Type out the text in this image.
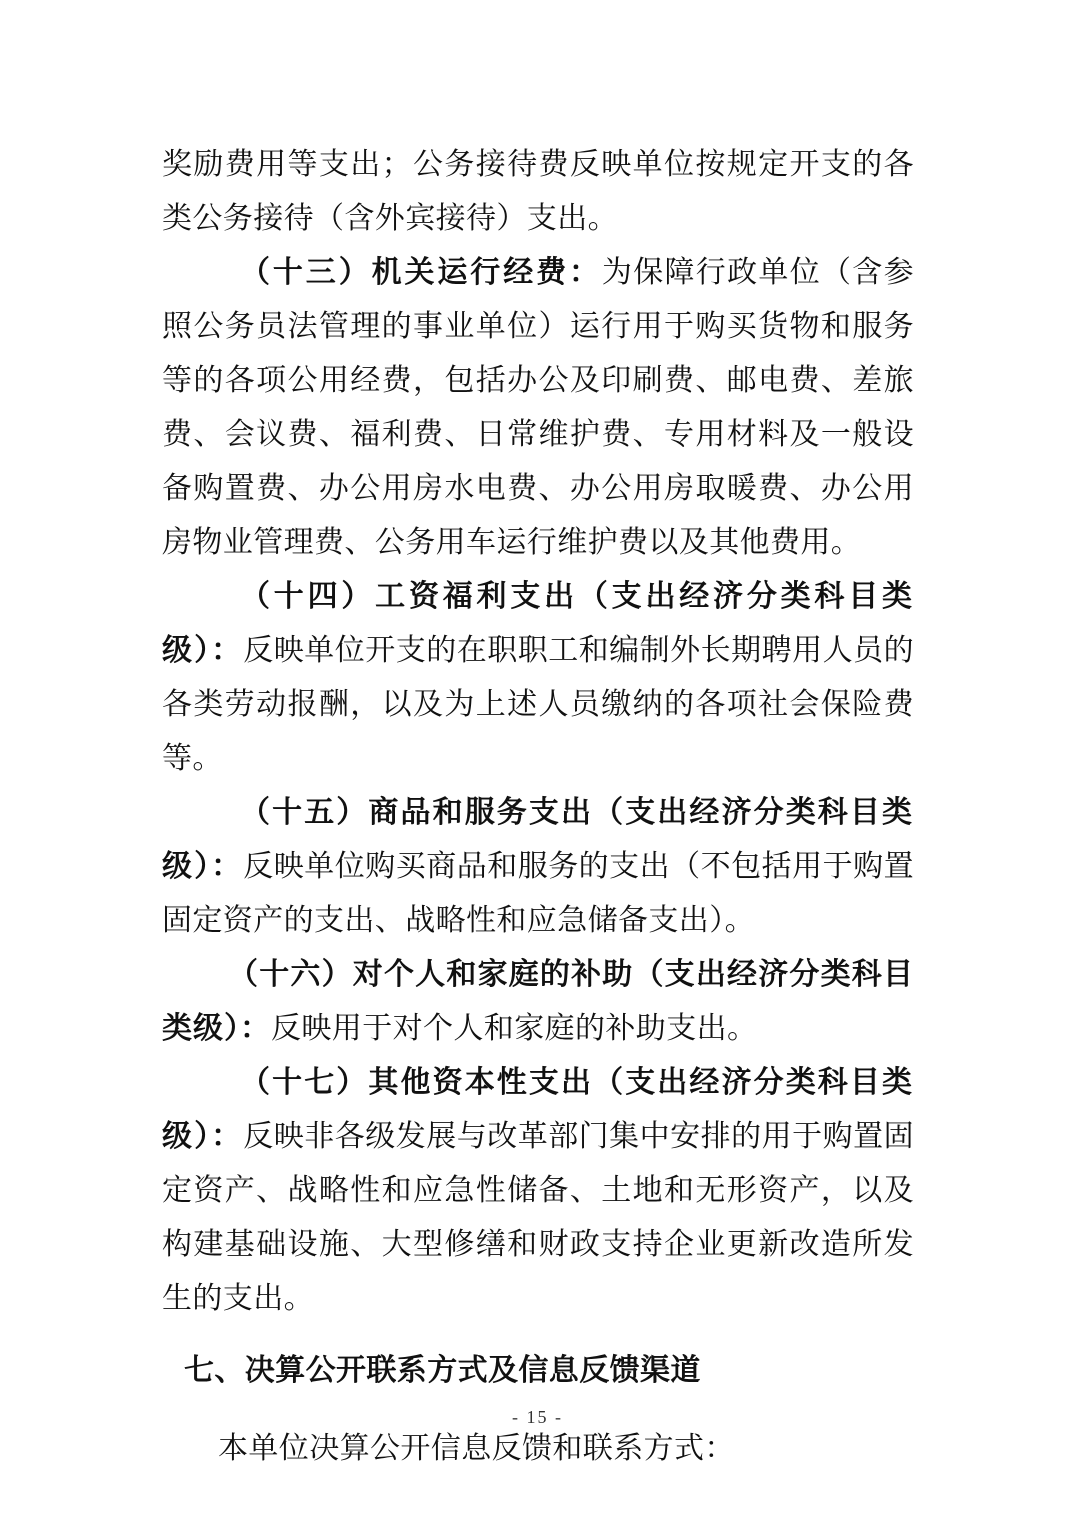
奖励费用等支出；公务接待费反映单位按规定开支的各类公务接待（含外宾接待）支出。

（十三）机关运行经费：为保障行政单位（含参照公务员法管理的事业单位）运行用于购买货物和服务等的各项公用经费，包括办公及印刷费、邮电费、差旅费、会议费、福利费、日常维护费、专用材料及一般设备购置费、办公用房水电费、办公用房取暖费、办公用房物业管理费、公务用车运行维护费以及其他费用。

（十四）工资福利支出（支出经济分类科目类级）：反映单位开支的在职职工和编制外长期聘用人员的各类劳动报酬，以及为上述人员缴纳的各项社会保险费等。

（十五）商品和服务支出（支出经济分类科目类级）：反映单位购买商品和服务的支出（不包括用于购置固定资产的支出、战略性和应急储备支出）。

（十六）对个人和家庭的补助（支出经济分类科目类级）：反映用于对个人和家庭的补助支出。

（十七）其他资本性支出（支出经济分类科目类级）：反映非各级发展与改革部门集中安排的用于购置固定资产、战略性和应急性储备、土地和无形资产，以及构建基础设施、大型修缮和财政支持企业更新改造所发生的支出。

七、决算公开联系方式及信息反馈渠道

本单位决算公开信息反馈和联系方式：

- 15 -
